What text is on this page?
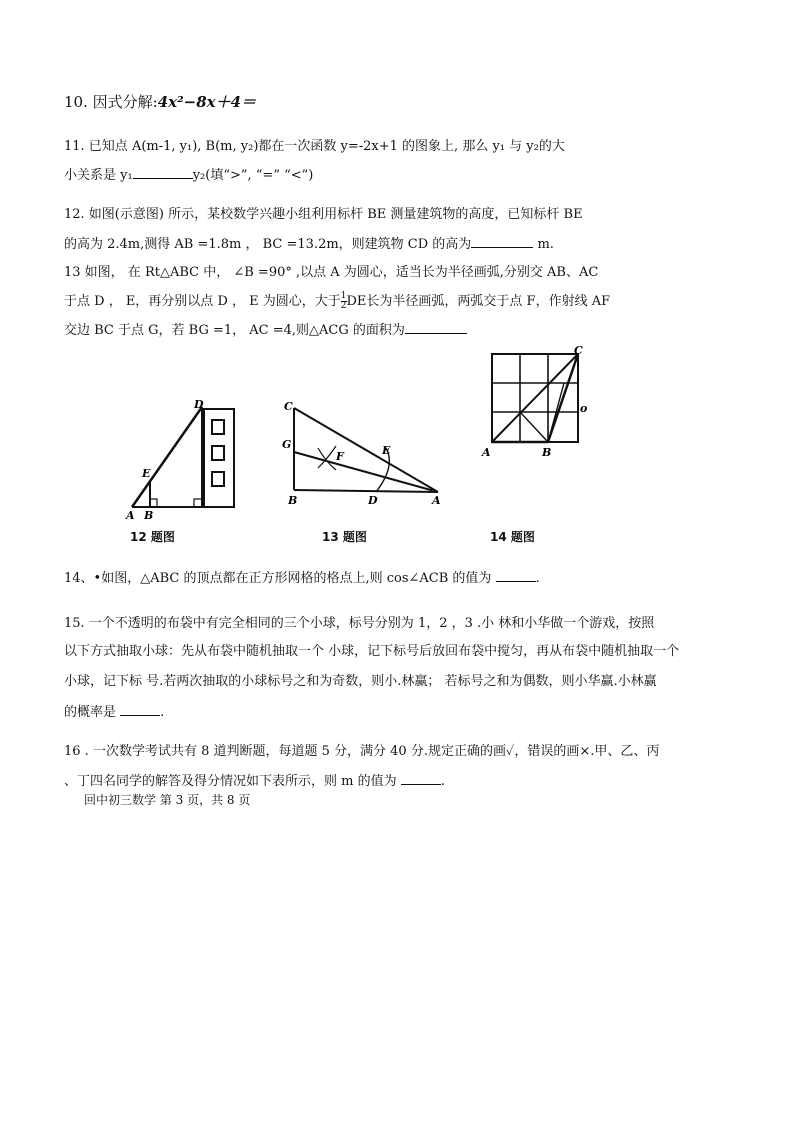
10. 因式分解:4x²−8x＋4＝
11. 已知点 A(m-1, y₁), B(m, y₂)都在一次函数 y=-2x+1 的图象上, 那么 y₁ 与 y₂的大
小关系是 y₁	y₂(填“>”, “=” “<”)
12. 如图(示意图) 所示，某校数学兴趣小组利用标杆 BE 测量建筑物的高度，已知标杆 BE
的高为 2.4m,测得 AB =1.8m ， BC =13.2m，则建筑物 CD 的高为	m.
13 如图， 在 Rt△ABC 中， ∠B =90° ,以点 A 为圆心，适当长为半径画弧,分别交 AB、AC
于点 D ， E，再分别以点 D ， E 为圆心，大于 $\frac{1}{2}$ DE长为半径画弧，两弧交于点 F，作射线 AF
交边 BC 于点 G，若 BG =1， AC =4,则△ACG 的面积为
D
E
A B
12 题图
C
G
F	E
B	D	A
13 题图
C
A	B
o
14 题图
14、•如图，△ABC 的顶点都在正方形网格的格点上,则 cos∠ACB 的值为	.
15. 一个不透明的布袋中有完全相同的三个小球，标号分别为 1，2 ，3 .小 林和小华做一个游戏，按照
以下方式抽取小球：先从布袋中随机抽取一个 小球，记下标号后放回布袋中搅匀，再从布袋中随机抽取一个
小球，记下标 号.若两次抽取的小球标号之和为奇数，则小.林赢； 若标号之和为偶数，则小华赢.小林赢
的概率是	.
16 . 一次数学考试共有 8 道判断题，每道题 5 分，满分 40 分.规定正确的画✓，错误的画×.甲、乙、丙
、丁四名同学的解答及得分情况如下表所示，则 m 的值为	.
回中初三数学 第 3 页，共 8 页
